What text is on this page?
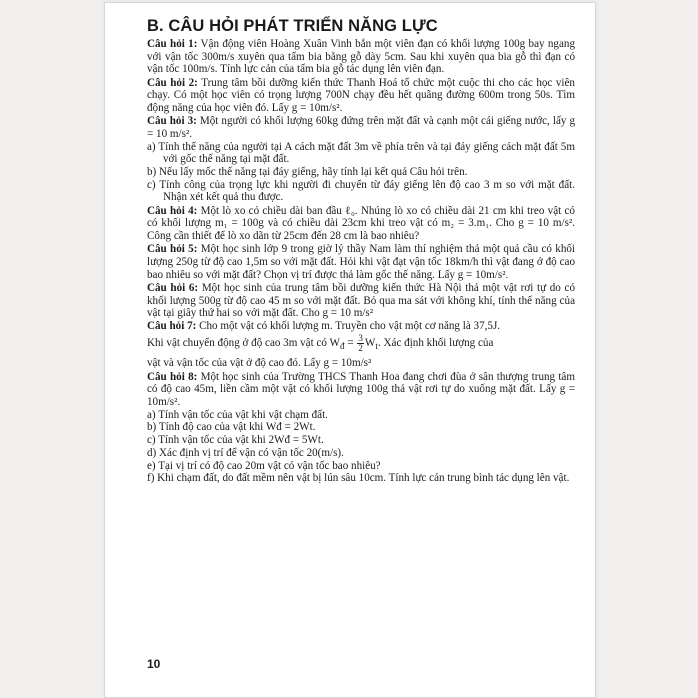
B. CÂU HỎI PHÁT TRIỂN NĂNG LỰC

Câu hỏi 1: Vận động viên Hoàng Xuân Vinh bắn một viên đạn có khối lượng 100g bay ngang với vận tốc 300m/s xuyên qua tấm bia bằng gỗ dày 5cm. Sau khi xuyên qua bia gỗ thì đạn có vận tốc 100m/s. Tính lực cản của tấm bia gỗ tác dụng lên viên đạn.

Câu hỏi 2: Trung tâm bồi dưỡng kiến thức Thanh Hoá tổ chức một cuộc thi cho các học viên chạy. Có một học viên có trọng lượng 700N chạy đều hết quãng đường 600m trong 50s. Tìm động năng của học viên đó. Lấy g = 10m/s².

Câu hỏi 3: Một người có khối lượng 60kg đứng trên mặt đất và cạnh một cái giếng nước, lấy g = 10 m/s².

a) Tính thế năng của người tại A cách mặt đất 3m về phía trên và tại đáy giếng cách mặt đất 5m với gốc thế năng tại mặt đất.

b) Nếu lấy mốc thế năng tại đáy giếng, hãy tính lại kết quả Câu hỏi trên.

c) Tính công của trọng lực khi người đi chuyển từ đáy giếng lên độ cao 3 m so với mặt đất. Nhận xét kết quả thu được.

Câu hỏi 4: Một lò xo có chiều dài ban đầu ℓ₀. Nhúng lò xo có chiều dài 21 cm khi treo vật có có khối lượng m₁ = 100g và có chiều dài 23cm khi treo vật có m₂ = 3.m₁. Cho g = 10 m/s². Công cần thiết để lò xo dãn từ 25cm đến 28 cm là bao nhiêu?

Câu hỏi 5: Một học sinh lớp 9 trong giờ lý thầy Nam làm thí nghiệm thả một quả cầu có khối lượng 250g từ độ cao 1,5m so với mặt đất. Hỏi khi vật đạt vận tốc 18km/h thì vật đang ở độ cao bao nhiêu so với mặt đất? Chọn vị trí được thả làm gốc thế năng. Lấy g = 10m/s².

Câu hỏi 6: Một học sinh của trung tâm bồi dưỡng kiến thức Hà Nội thả một vật rơi tự do có khối lượng 500g từ độ cao 45 m so với mặt đất. Bỏ qua ma sát với không khí, tính thế năng của vật tại giây thứ hai so với mặt đất. Cho g = 10 m/s²

Câu hỏi 7: Cho một vật có khối lượng m. Truyền cho vật một cơ năng là 37,5J.

Khi vật chuyển động ở độ cao 3m vật có $W_đ = \frac{3}{2} W_t$. Xác định khối lượng của

vật và vận tốc của vật ở độ cao đó. Lấy g = 10m/s²

Câu hỏi 8: Một học sinh của Trường THCS Thanh Hoa đang chơi đùa ở sân thượng trung tâm có độ cao 45m, liền cầm một vật có khối lượng 100g thả vật rơi tự do xuống mặt đất. Lấy g = 10m/s².

a) Tính vận tốc của vật khi vật chạm đất.

b) Tính độ cao của vật khi Wđ = 2Wt.

c) Tính vận tốc của vật khi 2Wđ = 5Wt.

d) Xác định vị trí để vận có vận tốc 20(m/s).

e) Tại vị trí có độ cao 20m vật có vận tốc bao nhiêu?

f) Khi chạm đất, do đất mềm nên vật bị lún sâu 10cm. Tính lực cản trung bình tác dụng lên vật.

10
